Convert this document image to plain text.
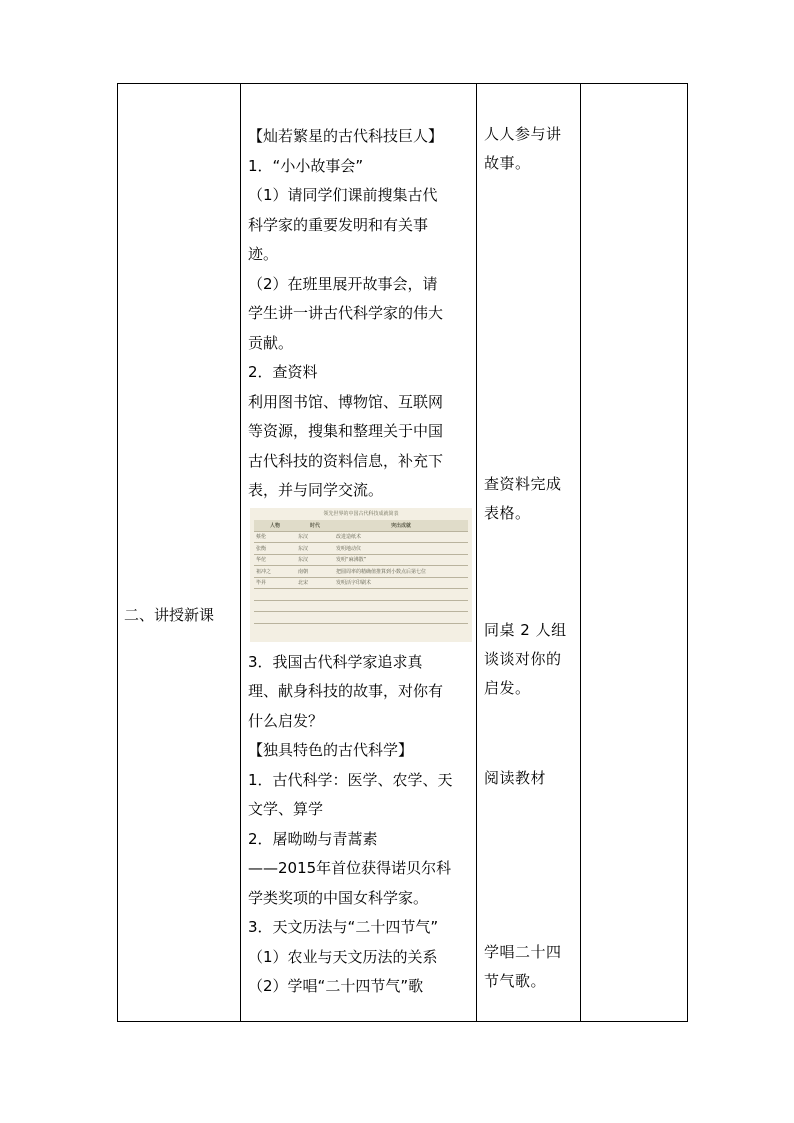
二、讲授新课
【灿若繁星的古代科技巨人】
1．“小小故事会”
（1）请同学们课前搜集古代
科学家的重要发明和有关事
迹。
（2）在班里展开故事会，请
学生讲一讲古代科学家的伟大
贡献。
2．查资料
利用图书馆、博物馆、互联网
等资源，搜集和整理关于中国
古代科技的资料信息，补充下
表，并与同学交流。
领先世界的中国古代科技成就简表
人物	时代	突出成就
蔡伦	东汉	改进造纸术
张衡	东汉	发明地动仪
华佗	东汉	发明“麻沸散”
祖冲之	南朝	把圆周率的精确值推算到小数点后第七位
毕昇	北宋	发明活字印刷术

3．我国古代科学家追求真
理、献身科技的故事，对你有
什么启发？
【独具特色的古代科学】
1．古代科学：医学、农学、天
文学、算学
2．屠呦呦与青蒿素
——2015年首位获得诺贝尔科
学类奖项的中国女科学家。
3．天文历法与“二十四节气”
（1）农业与天文历法的关系
（2）学唱“二十四节气”歌
人人参与讲
故事。
查资料完成
表格。
同桌 2 人组
谈谈对你的
启发。
阅读教材
学唱二十四
节气歌。
